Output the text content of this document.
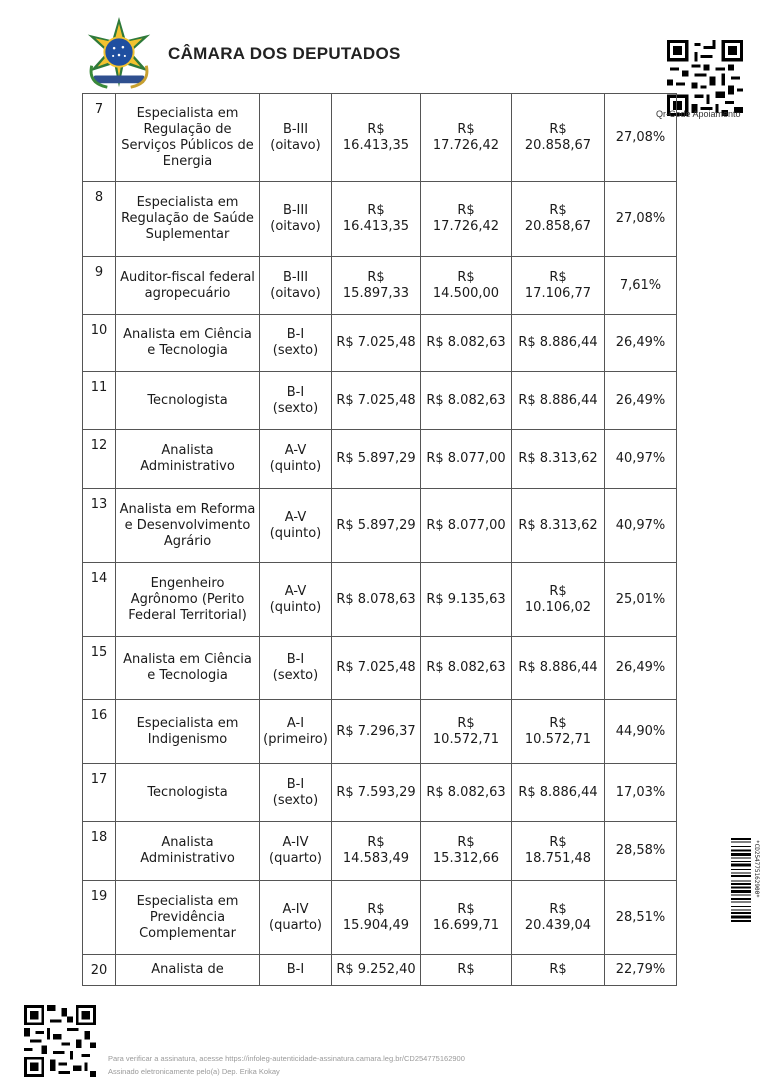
CÂMARA DOS DEPUTADOS
Qr-Code Apoiamento
7	Especialista em Regulação de Serviços Públicos de Energia	B-III (oitavo)	R$ 16.413,35	R$ 17.726,42	R$ 20.858,67	27,08%
8	Especialista em Regulação de Saúde Suplementar	B-III (oitavo)	R$ 16.413,35	R$ 17.726,42	R$ 20.858,67	27,08%
9	Auditor-fiscal federal agropecuário	B-III (oitavo)	R$ 15.897,33	R$ 14.500,00	R$ 17.106,77	7,61%
10	Analista em Ciência e Tecnologia	B-I (sexto)	R$ 7.025,48	R$ 8.082,63	R$ 8.886,44	26,49%
11	Tecnologista	B-I (sexto)	R$ 7.025,48	R$ 8.082,63	R$ 8.886,44	26,49%
12	Analista Administrativo	A-V (quinto)	R$ 5.897,29	R$ 8.077,00	R$ 8.313,62	40,97%
13	Analista em Reforma e Desenvolvimento Agrário	A-V (quinto)	R$ 5.897,29	R$ 8.077,00	R$ 8.313,62	40,97%
14	Engenheiro Agrônomo (Perito Federal Territorial)	A-V (quinto)	R$ 8.078,63	R$ 9.135,63	R$ 10.106,02	25,01%
15	Analista em Ciência e Tecnologia	B-I (sexto)	R$ 7.025,48	R$ 8.082,63	R$ 8.886,44	26,49%
16	Especialista em Indigenismo	A-I (primeiro)	R$ 7.296,37	R$ 10.572,71	R$ 10.572,71	44,90%
17	Tecnologista	B-I (sexto)	R$ 7.593,29	R$ 8.082,63	R$ 8.886,44	17,03%
18	Analista Administrativo	A-IV (quarto)	R$ 14.583,49	R$ 15.312,66	R$ 18.751,48	28,58%
19	Especialista em Previdência Complementar	A-IV (quarto)	R$ 15.904,49	R$ 16.699,71	R$ 20.439,04	28,51%
20	Analista de	B-I	R$ 9.252,40	R$	R$	22,79%
*CD254775162900*
Para verificar a assinatura, acesse https://infoleg-autenticidade-assinatura.camara.leg.br/CD254775162900
Assinado eletronicamente pelo(a) Dep. Erika Kokay
